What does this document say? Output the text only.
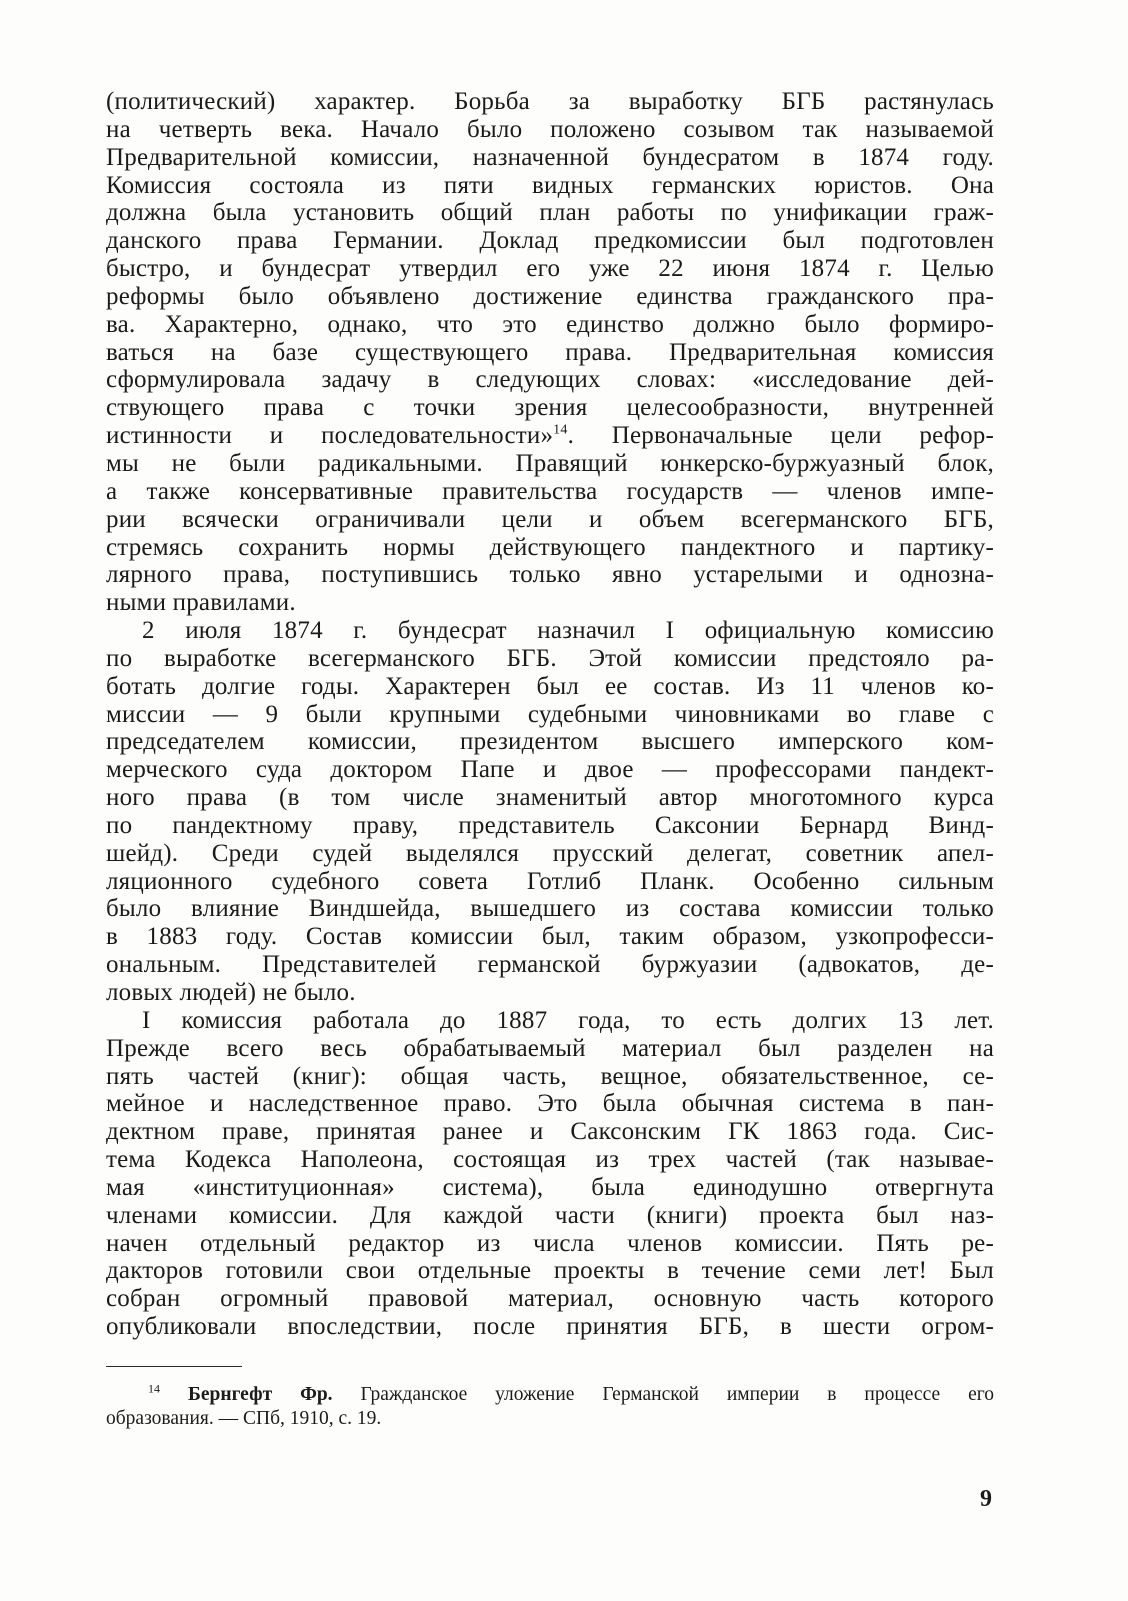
(политический) характер. Борьба за выработку БГБ растянулась
на четверть века. Начало было положено созывом так называемой
Предварительной комиссии, назначенной бундесратом в 1874 году.
Комиссия состояла из пяти видных германских юристов. Она
должна была установить общий план работы по унификации граж-
данского права Германии. Доклад предкомиссии был подготовлен
быстро, и бундесрат утвердил его уже 22 июня 1874 г. Целью
реформы было объявлено достижение единства гражданского пра-
ва. Характерно, однако, что это единство должно было формиро-
ваться на базе существующего права. Предварительная комиссия
сформулировала задачу в следующих словах: «исследование дей-
ствующего права с точки зрения целесообразности, внутренней
истинности и последовательности»$^{14}$. Первоначальные цели рефор-
мы не были радикальными. Правящий юнкерско-буржуазный блок,
а также консервативные правительства государств — членов импе-
рии всячески ограничивали цели и объем всегерманского БГБ,
стремясь сохранить нормы действующего пандектного и партику-
лярного права, поступившись только явно устарелыми и однозна-
ными правилами.
2 июля 1874 г. бундесрат назначил I официальную комиссию
по выработке всегерманского БГБ. Этой комиссии предстояло ра-
ботать долгие годы. Характерен был ее состав. Из 11 членов ко-
миссии — 9 были крупными судебными чиновниками во главе с
председателем комиссии, президентом высшего имперского ком-
мерческого суда доктором Папе и двое — профессорами пандект-
ного права (в том числе знаменитый автор многотомного курса
по пандектному праву, представитель Саксонии Бернард Винд-
шейд). Среди судей выделялся прусский делегат, советник апел-
ляционного судебного совета Готлиб Планк. Особенно сильным
было влияние Виндшейда, вышедшего из состава комиссии только
в 1883 году. Состав комиссии был, таким образом, узкопрофесси-
ональным. Представителей германской буржуазии (адвокатов, де-
ловых людей) не было.
I комиссия работала до 1887 года, то есть долгих 13 лет.
Прежде всего весь обрабатываемый материал был разделен на
пять частей (книг): общая часть, вещное, обязательственное, се-
мейное и наследственное право. Это была обычная система в пан-
дектном праве, принятая ранее и Саксонским ГК 1863 года. Сис-
тема Кодекса Наполеона, состоящая из трех частей (так называе-
мая «институционная» система), была единодушно отвергнута
членами комиссии. Для каждой части (книги) проекта был наз-
начен отдельный редактор из числа членов комиссии. Пять ре-
дакторов готовили свои отдельные проекты в течение семи лет! Был
собран огромный правовой материал, основную часть которого
опубликовали впоследствии, после принятия БГБ, в шести огром-
$^{14}$ Бернгефт Фр. Гражданское уложение Германской империи в процессе его
образования. — СПб, 1910, с. 19.
9
